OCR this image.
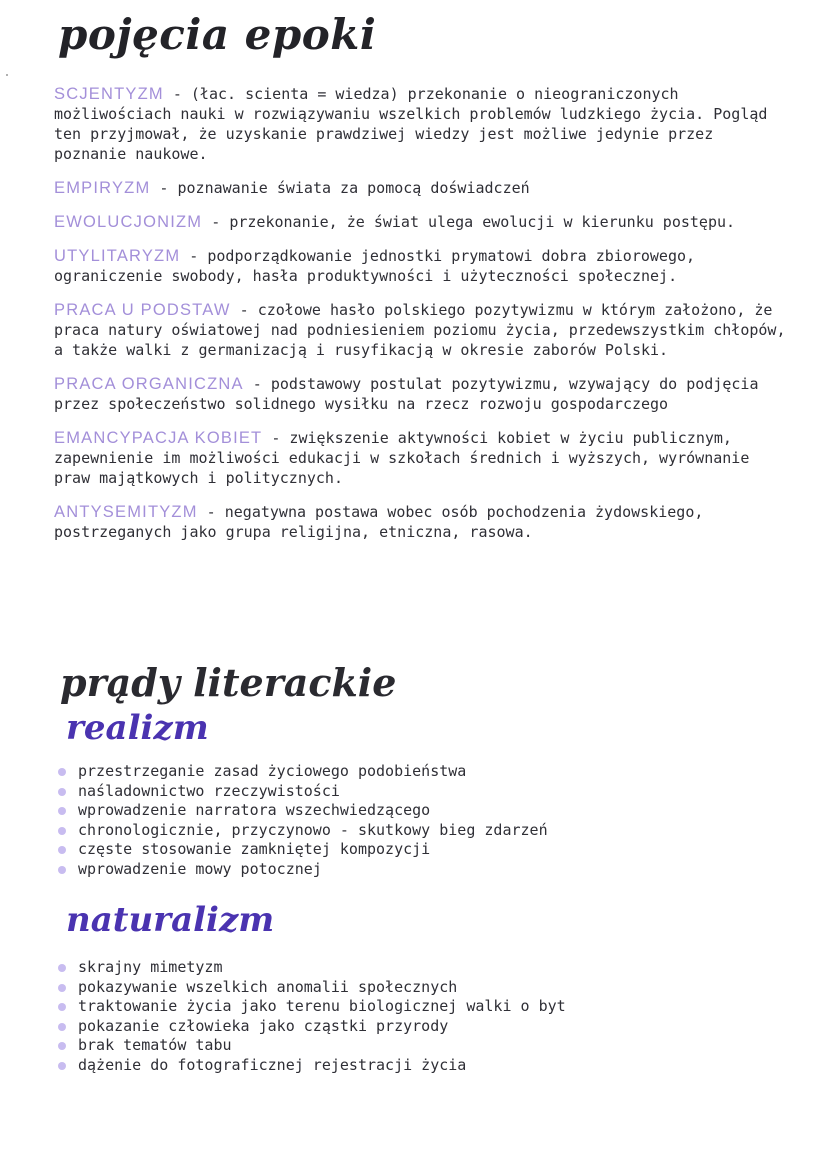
pojęcia epoki
SCJENTYZM - (łac. scienta = wiedza) przekonanie o nieograniczonych możliwościach nauki w rozwiązywaniu wszelkich problemów ludzkiego życia. Pogląd ten przyjmował, że uzyskanie prawdziwej wiedzy jest możliwe jedynie przez poznanie naukowe.
EMPIRYZM - poznawanie świata za pomocą doświadczeń
EWOLUCJONIZM - przekonanie, że świat ulega ewolucji w kierunku postępu.
UTYLITARYZM - podporządkowanie jednostki prymatowi dobra zbiorowego, ograniczenie swobody, hasła produktywności i użyteczności społecznej.
PRACA U PODSTAW - czołowe hasło polskiego pozytywizmu w którym założono, że praca natury oświatowej nad podniesieniem poziomu życia, przedewszystkim chłopów, a także walki z germanizacją i rusyfikacją w okresie zaborów Polski.
PRACA ORGANICZNA - podstawowy postulat pozytywizmu, wzywający do podjęcia przez społeczeństwo solidnego wysiłku na rzecz rozwoju gospodarczego
EMANCYPACJA KOBIET - zwiększenie aktywności kobiet w życiu publicznym, zapewnienie im możliwości edukacji w szkołach średnich i wyższych, wyrównanie praw majątkowych i politycznych.
ANTYSEMITYZM - negatywna postawa wobec osób pochodzenia żydowskiego, postrzeganych jako grupa religijna, etniczna, rasowa.
prądy literackie
realizm
przestrzeganie zasad życiowego podobieństwa
naśladownictwo rzeczywistości
wprowadzenie narratora wszechwiedzącego
chronologicznie, przyczynowo - skutkowy bieg zdarzeń
częste stosowanie zamkniętej kompozycji
wprowadzenie mowy potocznej
naturalizm
skrajny mimetyzm
pokazywanie wszelkich anomalii społecznych
traktowanie życia jako terenu biologicznej walki o byt
pokazanie człowieka jako cząstki przyrody
brak tematów tabu
dążenie do fotograficznej rejestracji życia
